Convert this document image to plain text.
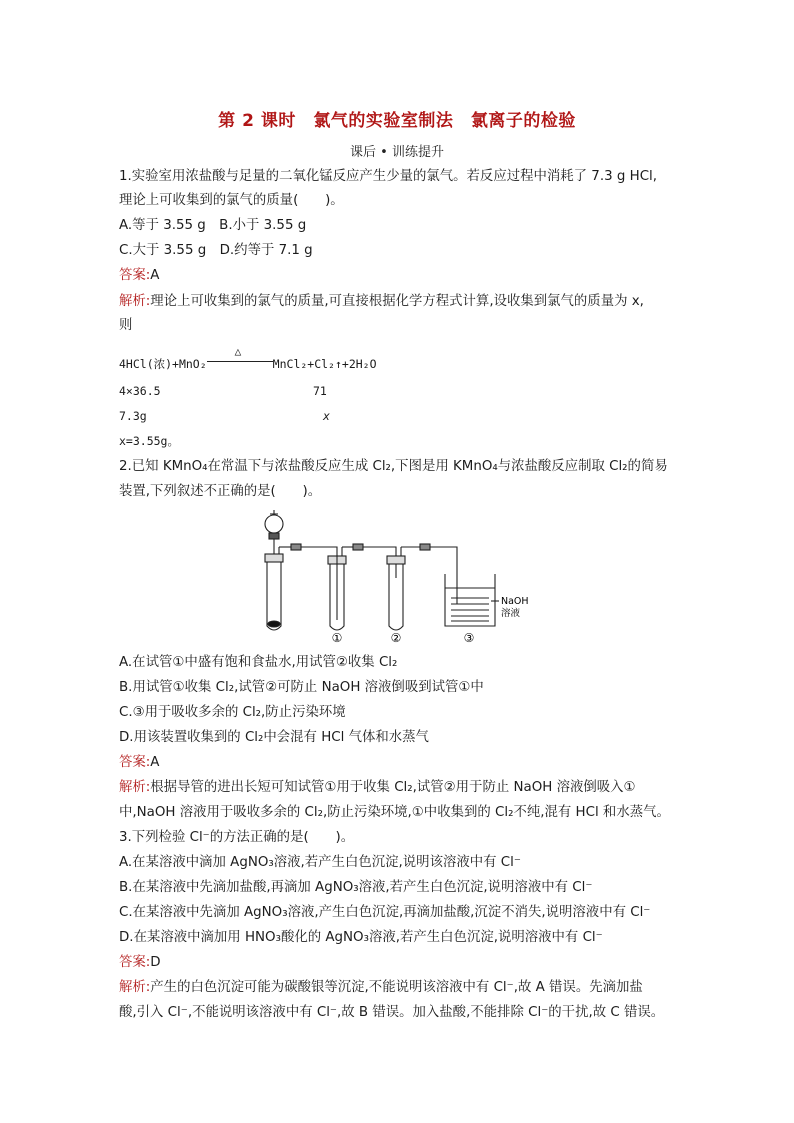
第 2 课时　氯气的实验室制法　氯离子的检验
课后 • 训练提升
1.实验室用浓盐酸与足量的二氧化锰反应产生少量的氯气。若反应过程中消耗了 7.3 g HCl,
理论上可收集到的氯气的质量(　　)。
A.等于 3.55 g　B.小于 3.55 g
C.大于 3.55 g　D.约等于 7.1 g
答案:A
解析:理论上可收集到的氯气的质量,可直接根据化学方程式计算,设收集到氯气的质量为 x,
则
4HCl(浓)+MnO₂
△
MnCl₂+Cl₂↑+2H₂O
4×36.5	71
7.3g	x
x=3.55g。
2.已知 KMnO₄在常温下与浓盐酸反应生成 Cl₂,下图是用 KMnO₄与浓盐酸反应制取 Cl₂的简易
装置,下列叙述不正确的是(　　)。
①	②	③
NaOH
溶液
A.在试管①中盛有饱和食盐水,用试管②收集 Cl₂
B.用试管①收集 Cl₂,试管②可防止 NaOH 溶液倒吸到试管①中
C.③用于吸收多余的 Cl₂,防止污染环境
D.用该装置收集到的 Cl₂中会混有 HCl 气体和水蒸气
答案:A
解析:根据导管的进出长短可知试管①用于收集 Cl₂,试管②用于防止 NaOH 溶液倒吸入①
中,NaOH 溶液用于吸收多余的 Cl₂,防止污染环境,①中收集到的 Cl₂不纯,混有 HCl 和水蒸气。
3.下列检验 Cl⁻的方法正确的是(　　)。
A.在某溶液中滴加 AgNO₃溶液,若产生白色沉淀,说明该溶液中有 Cl⁻
B.在某溶液中先滴加盐酸,再滴加 AgNO₃溶液,若产生白色沉淀,说明溶液中有 Cl⁻
C.在某溶液中先滴加 AgNO₃溶液,产生白色沉淀,再滴加盐酸,沉淀不消失,说明溶液中有 Cl⁻
D.在某溶液中滴加用 HNO₃酸化的 AgNO₃溶液,若产生白色沉淀,说明溶液中有 Cl⁻
答案:D
解析:产生的白色沉淀可能为碳酸银等沉淀,不能说明该溶液中有 Cl⁻,故 A 错误。先滴加盐
酸,引入 Cl⁻,不能说明该溶液中有 Cl⁻,故 B 错误。加入盐酸,不能排除 Cl⁻的干扰,故 C 错误。
